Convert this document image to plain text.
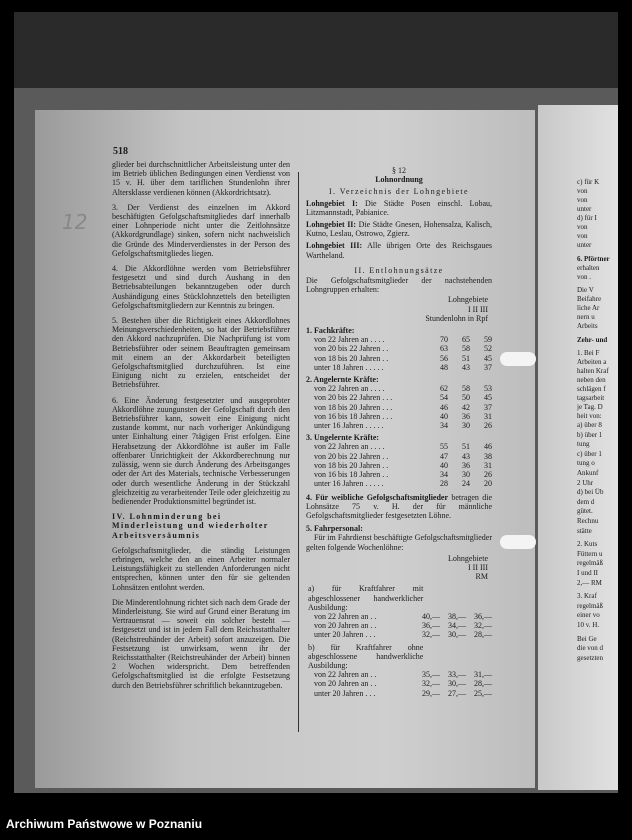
12
518

glieder bei durchschnittlicher Arbeitsleistung unter den im Betrieb üblichen Bedingungen einen Verdienst von 15 v. H. über dem tariflichen Stundenlohn ihrer Altersklasse verdienen können (Akkordrichtsatz).

3. Der Verdienst des einzelnen im Akkord beschäftigten Gefolgschaftsmitgliedes darf innerhalb einer Lohnperiode nicht unter die Zeitlohnsätze (Akkordgrundlage) sinken, sofern nicht nachweislich die Gründe des Minderverdienstes in der Person des Gefolgschaftsmitgliedes liegen.

4. Die Akkordlöhne werden vom Betriebsführer festgesetzt und sind durch Aushang in den Betriebsabteilungen bekanntzugeben oder durch Aushändigung eines Stücklohnzettels den beteiligten Gefolgschaftsmitgliedern zur Kenntnis zu bringen.

5. Bestehen über die Richtigkeit eines Akkordlohnes Meinungsverschiedenheiten, so hat der Betriebsführer den Akkord nachzuprüfen. Die Nachprüfung ist vom Betriebsführer oder seinem Beauftragten gemeinsam mit einem an der Akkordarbeit beteiligten Gefolgschaftsmitglied durchzuführen. Ist eine Einigung nicht zu erzielen, entscheidet der Betriebsführer.

6. Eine Änderung festgesetzter und ausgeprobter Akkordlöhne zuungunsten der Gefolgschaft durch den Betriebsführer kann, soweit eine Einigung nicht zustande kommt, nur nach vorheriger Ankündigung unter Einhaltung einer 7tägigen Frist erfolgen. Eine Herabsetzung der Akkordlöhne ist außer im Falle offenbarer Unrichtigkeit der Akkordberechnung nur zulässig, wenn sie durch Änderung des Arbeitsganges oder der Art des Materials, technische Verbesserungen oder durch wesentliche Änderung in der Stückzahl gleichzeitig zu verarbeitender Teile oder gleichzeitig zu bedienender Produktionsmittel begründet ist.

IV. Lohnminderung bei Minderleistung und wiederholter Arbeitsversäumnis

Gefolgschaftsmitglieder, die ständig Leistungen erbringen, welche den an einen Arbeiter normaler Leistungsfähigkeit zu stellenden Anforderungen nicht entsprechen, können unter den für sie geltenden Lohnsätzen entlohnt werden.

Die Minderentlohnung richtet sich nach dem Grade der Minderleistung. Sie wird auf Grund einer Beratung im Vertrauensrat — soweit ein solcher besteht — festgesetzt und ist in jedem Fall dem Reichsstatthalter (Reichstreuhänder der Arbeit) sofort anzuzeigen. Die Festsetzung ist unwirksam, wenn ihr der Reichsstatthalter (Reichstreuhänder der Arbeit) binnen 2 Wochen widerspricht. Dem betreffenden Gefolgschaftsmitglied ist die erfolgte Festsetzung durch den Betriebsführer schriftlich bekanntzugeben.

§ 12
Lohnordnung

I. Verzeichnis der Lohngebiete

Lohngebiet I: Die Städte Posen einschl. Lobau, Litzmannstadt, Pabianice.

Lohngebiet II: Die Städte Gnesen, Hohensalza, Kalisch, Kutno, Leslau, Ostrowo, Zgierz.

Lohngebiet III: Alle übrigen Orte des Reichsgaues Wartheland.

II. Entlohnungsätze

Die Gefolgschaftsmitglieder der nachstehenden Lohngruppen erhalten:

Lohngebiete
I II III
Stundenlohn in Rpf
1. Fachkräfte:
von 22 Jahren an . . . .	70	65	59
von 20 bis 22 Jahren . .	63	58	52
von 18 bis 20 Jahren . .	56	51	45
unter 18 Jahren . . . . .	48	43	37
2. Angelernte Kräfte:
von 22 Jahren an . . . .	62	58	53
von 20 bis 22 Jahren . . .	54	50	45
von 18 bis 20 Jahren . . .	46	42	37
von 16 bis 18 Jahren . . .	40	36	31
unter 16 Jahren . . . . .	34	30	26
3. Ungelernte Kräfte:
von 22 Jahren an . . . .	55	51	46
von 20 bis 22 Jahren . .	47	43	38
von 18 bis 20 Jahren . .	40	36	31
von 16 bis 18 Jahren . .	34	30	26
unter 16 Jahren . . . . .	28	24	20

4. Für weibliche Gefolgschaftsmitglieder betragen die Lohnsätze 75 v. H. der für männliche Gefolgschaftsmitglieder festgesetzten Löhne.

5. Fahrpersonal:

Für im Fahrdienst beschäftigte Gefolgschaftsmitglieder gelten folgende Wochenlöhne:

Lohngebiete
I II III
RM
a) für Kraftfahrer mit abgeschlossener handwerklicher Ausbildung:
von 22 Jahren an . .	40,—	38,—	36,—
von 20 Jahren an . .	36,—	34,—	32,—
unter 20 Jahren . . .	32,—	30,—	28,—
b) für Kraftfahrer ohne abgeschlossene handwerkliche Ausbildung:
von 22 Jahren an . .	35,—	33,—	31,—
von 20 Jahren an . .	32,—	30,—	28,—
unter 20 Jahren . . .	29,—	27,—	25,—
c) für K
von
von
unter
d) für I
von
von
unter
6. Pförtner
erhalten
von .
Die V
Beifahre
liche Ar
nern u
Arbeits
Zehr- und
1. Bei F
Arbeiten a
halten Kraf
neben den
schlägen f
tagsarbeit
je Tag. D
heit von:
a) über 8
b) über 1
tung
c) über 1
tung o
Ankunf
2 Uhr
d) bei Üb
dem d
gütet.
Rechnu
stätte
2. Kuts
Füttern u
regelmäß
I und II
2,— RM
3. Kraf
regelmäß
einer vo
10 v. H.
Bei Ge
die von d
gesetzten
Archiwum Państwowe w Poznaniu
